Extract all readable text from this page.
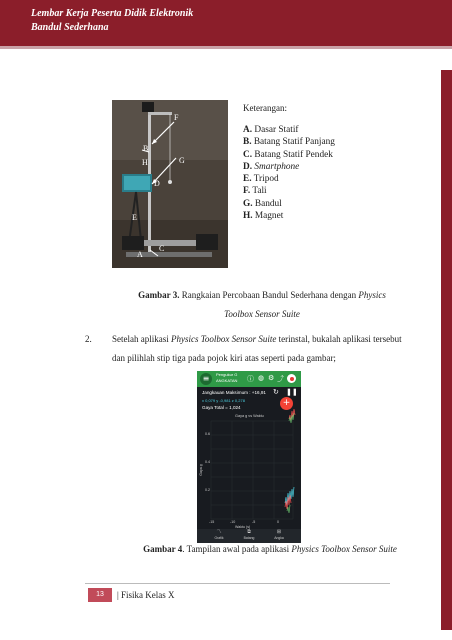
Lembar Kerja Peserta Didik Elektronik
Bandul Sederhana
F
B
G
D
E
H
C
A
Keterangan:
A. Dasar Statif
B. Batang Statif Panjang
C. Batang Statif Pendek
D. Smartphone
E. Tripod
F. Tali
G. Bandul
H. Magnet
Gambar 3. Rangkaian Percobaan Bandul Sederhana dengan Physics
Toolbox Sensor Suite
2. Setelah aplikasi Physics Toolbox Sensor Suite terinstal, bukalah aplikasi tersebut dan pilihlah stip tiga pada pojok kiri atas seperti pada gambar;
≡	Pengukur G
ANGKATAN ⓘ ◍ ⚙ ⤴
Jangkauan Maksimum : +16,91 ↻ ❚❚
x 0,079 y -0,981 z 0,278
Gaya Total = 1,024
Gaya g vs Waktu
+
Gaya g
0.6
0.4
0.2
-15	-10	-5	0
Waktu (s)
〽
Grafik
⧉
Batang
⊞
Angka
Gambar 4. Tampilan awal pada aplikasi Physics Toolbox Sensor Suite
13	| Fisika Kelas X
